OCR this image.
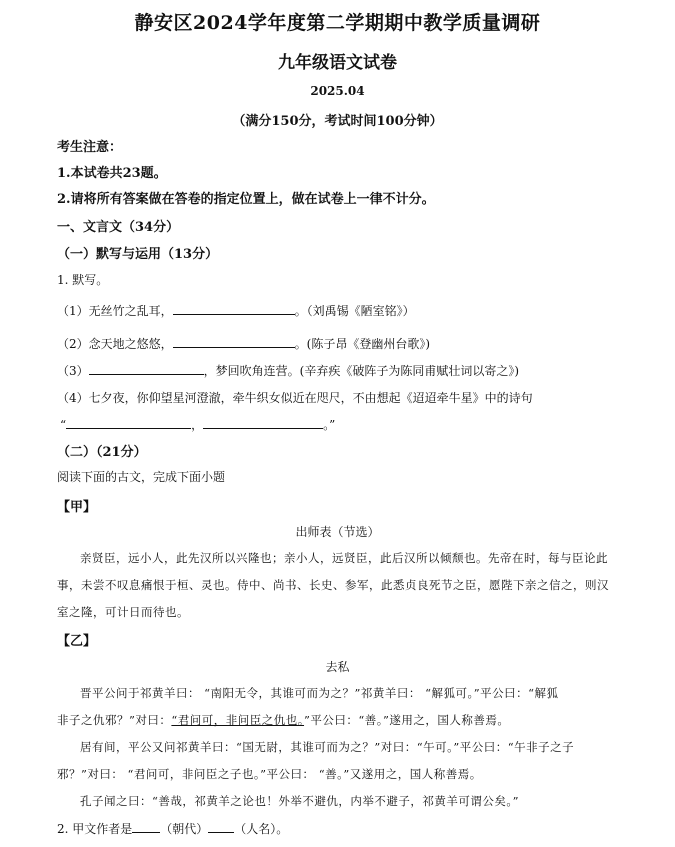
静安区2024学年度第二学期期中教学质量调研
九年级语文试卷
2025.04
（满分150分，考试时间100分钟）
考生注意：
1.本试卷共23题。
2.请将所有答案做在答卷的指定位置上，做在试卷上一律不计分。
一、文言文（34分）
（一）默写与运用（13分）
1. 默写。
（1）无丝竹之乱耳，	。（刘禹锡《陋室铭》）
（2）念天地之悠悠，	。(陈子昂《登幽州台歌》)
（3）	，梦回吹角连营。(辛弃疾《破阵子为陈同甫赋壮词以寄之》)
（4）七夕夜，你仰望星河澄澈，牵牛织女似近在咫尺，不由想起《迢迢牵牛星》中的诗句
“	，	。”
（二）（21分）
阅读下面的古文，完成下面小题
【甲】
出师表（节选）
亲贤臣，远小人，此先汉所以兴隆也；亲小人，远贤臣，此后汉所以倾颓也。先帝在时，每与臣论此
事，未尝不叹息痛恨于桓、灵也。侍中、尚书、长史、参军，此悉贞良死节之臣，愿陛下亲之信之，则汉
室之隆，可计日而待也。
【乙】
去私
晋平公问于祁黄羊曰： “南阳无令，其谁可而为之？”祁黄羊曰： “解狐可。”平公曰：“解狐
非子之仇邪？”对曰：“君问可，非问臣之仇也。”平公曰：“善。”遂用之，国人称善焉。
居有间，平公又问祁黄羊曰：“国无尉，其谁可而为之？”对曰：“午可。”平公曰：“午非子之子
邪？”对曰： “君问可，非问臣之子也。”平公曰： “善。”又遂用之，国人称善焉。
孔子闻之曰：“善哉，祁黄羊之论也！外举不避仇，内举不避子，祁黄羊可谓公矣。”
2. 甲文作者是 （朝代） （人名）。
